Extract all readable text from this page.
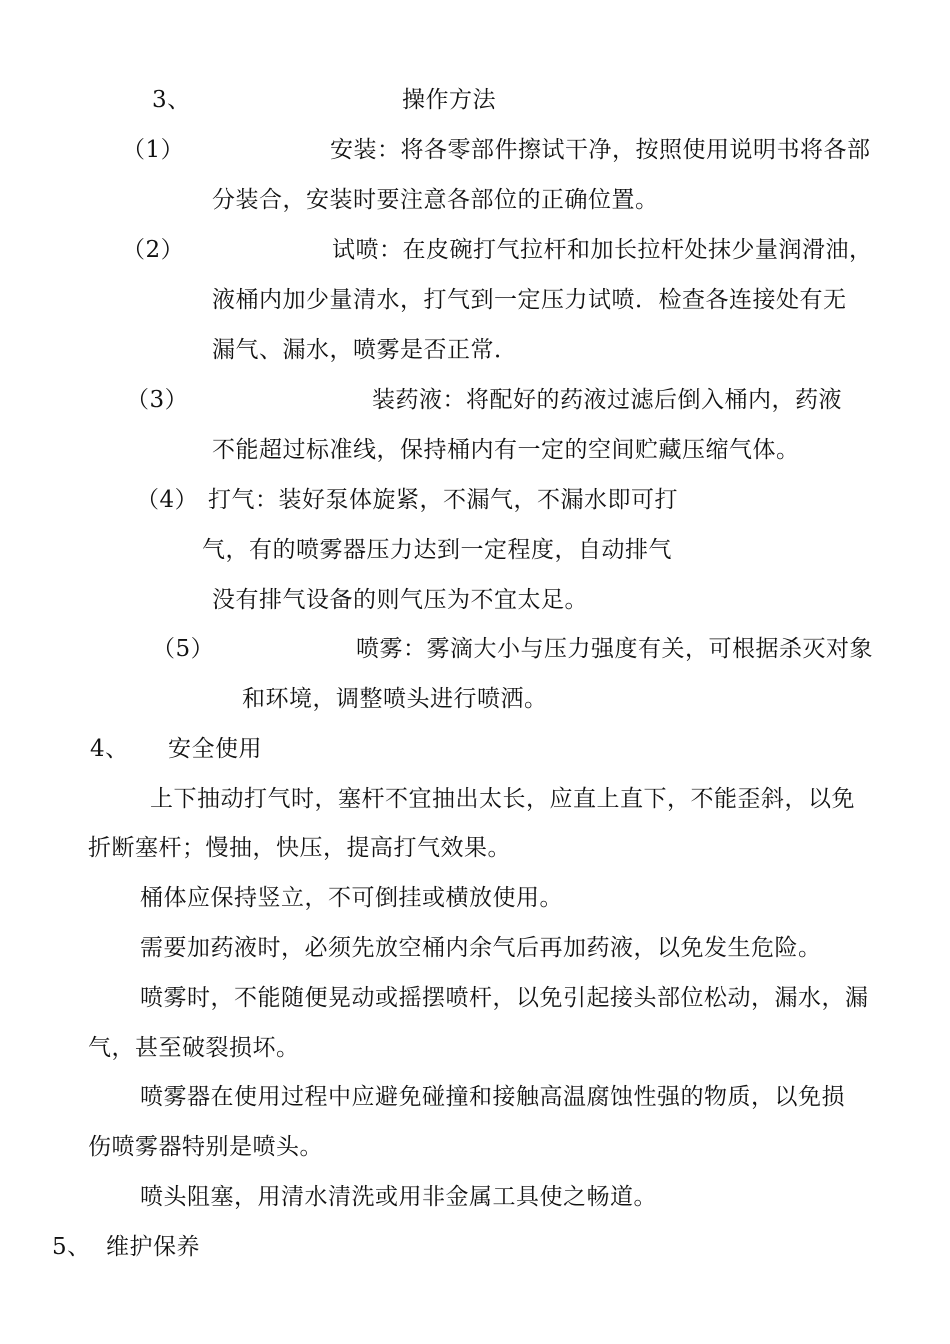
3、	操作方法
（1）	安装：将各零部件擦试干净，按照使用说明书将各部
分装合，安装时要注意各部位的正确位置。
（2）	试喷：在皮碗打气拉杆和加长拉杆处抹少量润滑油，
液桶内加少量清水，打气到一定压力试喷．检查各连接处有无
漏气、漏水，喷雾是否正常．
（3）	装药液：将配好的药液过滤后倒入桶内，药液
不能超过标准线，保持桶内有一定的空间贮藏压缩气体。
（4） 打气：装好泵体旋紧，不漏气，不漏水即可打
气，有的喷雾器压力达到一定程度，自动排气
没有排气设备的则气压为不宜太足。
（5）	喷雾：雾滴大小与压力强度有关，可根据杀灭对象
和环境，调整喷头进行喷洒。
4、 安全使用
上下抽动打气时，塞杆不宜抽出太长，应直上直下，不能歪斜，以免
折断塞杆；慢抽，快压，提高打气效果。
桶体应保持竖立，不可倒挂或横放使用。
需要加药液时，必须先放空桶内余气后再加药液，以免发生危险。
喷雾时，不能随便晃动或摇摆喷杆，以免引起接头部位松动，漏水，漏
气，甚至破裂损坏。
喷雾器在使用过程中应避免碰撞和接触高温腐蚀性强的物质，以免损
伤喷雾器特别是喷头。
喷头阻塞，用清水清洗或用非金属工具使之畅道。
5、 维护保养
